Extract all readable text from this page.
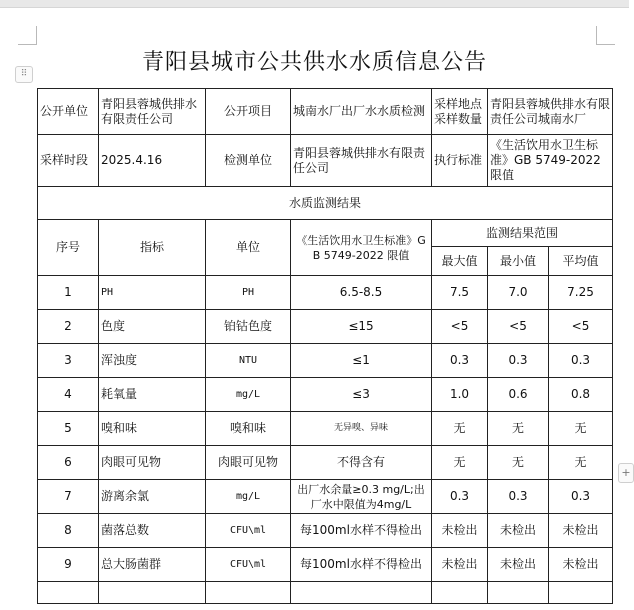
⠿
+
青阳县城市公共供水水质信息公告
公开单位	青阳县蓉城供排水有限责任公司	公开项目	城南水厂出厂水水质检测	采样地点采样数量	青阳县蓉城供排水有限责任公司城南水厂	
采样时段	2025.4.16	检测单位	青阳县蓉城供排水有限责任公司	执行标准	《生活饮用水卫生标准》GB 5749-2022 限值	
水质监测结果						
序号	指标	单位	《生活饮用水卫生标准》GB 5749-2022 限值	监测结果范围		
				最大值	最小值	平均值
1	PH	PH	6.5-8.5	7.5	7.0	7.25
2	色度	铂钴色度	≤15	<5	<5	<5
3	浑浊度	NTU	≤1	0.3	0.3	0.3
4	耗氧量	mg/L	≤3	1.0	0.6	0.8
5	嗅和味	嗅和味	无异嗅、异味	无	无	无
6	肉眼可见物	肉眼可见物	不得含有	无	无	无
7	游离余氯	mg/L	出厂水余量≥0.3 mg/L;出厂水中限值为4mg/L	0.3	0.3	0.3
8	菌落总数	CFU\ml	每100ml水样不得检出	未检出	未检出	未检出
9	总大肠菌群	CFU\ml	每100ml水样不得检出	未检出	未检出	未检出
